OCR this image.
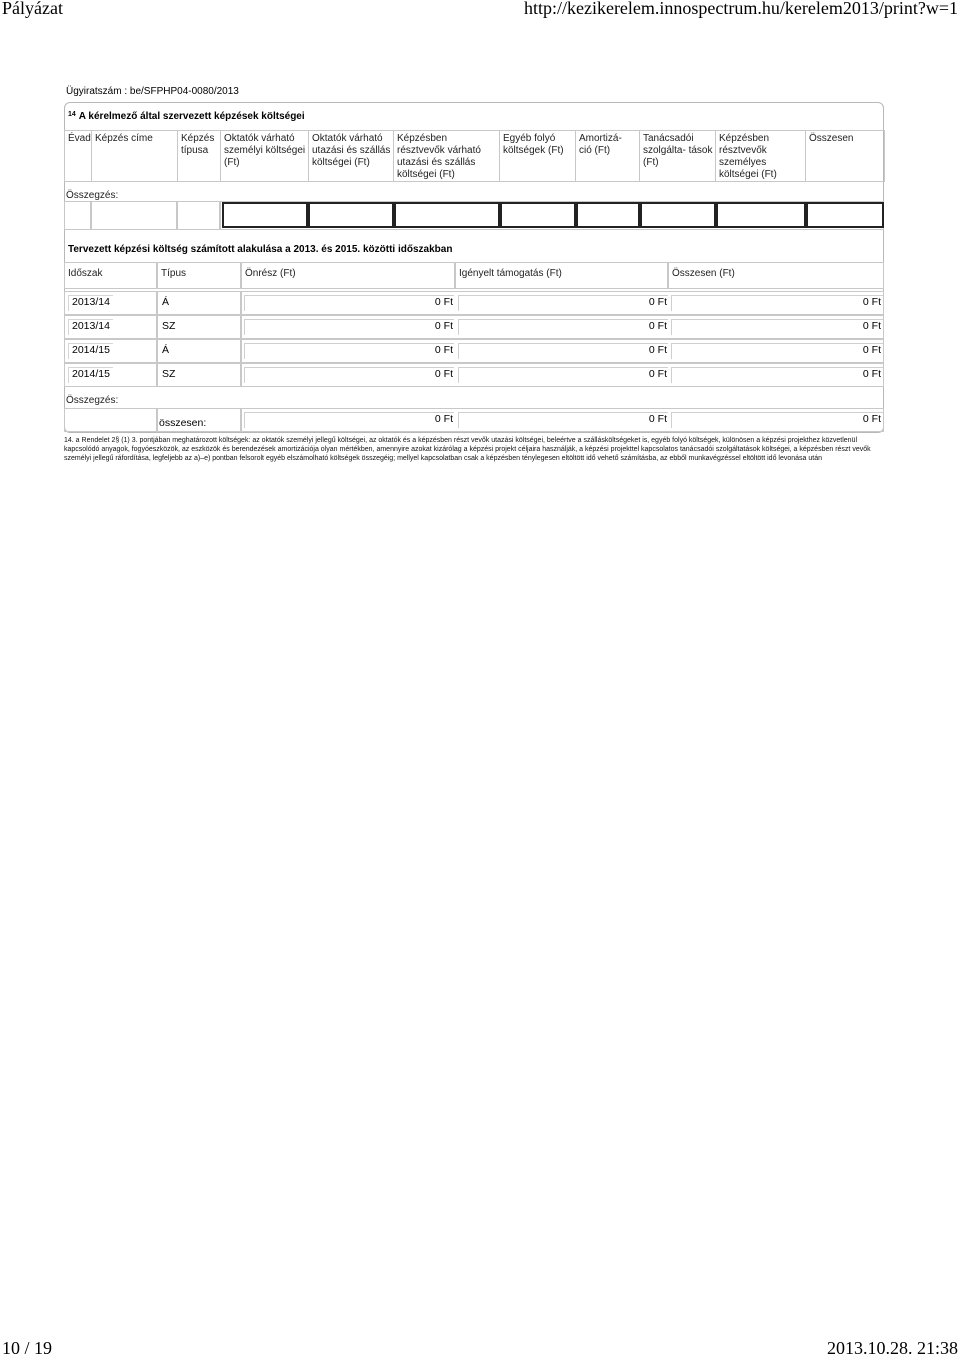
Pályázat	http://kezikerelem.innospectrum.hu/kerelem2013/print?w=1
10 / 19	2013.10.28. 21:38
Ügyiratszám : be/SFPHP04-0080/2013
$^{14}$ A kérelmező által szervezett képzések költségei
Évad	Képzés címe	Képzés típusa	Oktatók várható személyi költségei (Ft)	Oktatók várható utazási és szállás költségei (Ft)	Képzésben résztvevők várható utazási és szállás költségei (Ft)	Egyéb folyó költségek (Ft)	Amortizá- ció (Ft)	Tanácsadói szolgálta- tások (Ft)	Képzésben résztvevők személyes költségei (Ft)	Összesen
Összegzés:
Tervezett képzési költség számított alakulása a 2013. és 2015. közötti időszakban
Időszak	Típus	Önrész (Ft)	Igényelt támogatás (Ft)	Összesen (Ft)
2013/14	Á	0 Ft	0 Ft	0 Ft
2013/14	SZ	0 Ft	0 Ft	0 Ft
2014/15	Á	0 Ft	0 Ft	0 Ft
2014/15	SZ	0 Ft	0 Ft	0 Ft
Összegzés:
összesen:	0 Ft	0 Ft	0 Ft
14. a Rendelet 2§ (1) 3. pontjában meghatározott költségek: az oktatók személyi jellegű költségei, az oktatók és a képzésben részt vevők utazási költségei, beleértve a szállásköltségeket is, egyéb folyó költségek, különösen a képzési projekthez közvetlenül kapcsolódó anyagok, fogyóeszközök, az eszközök és berendezések amortizációja olyan mértékben, amennyire azokat kizárólag a képzési projekt céljaira használják, a képzési projekttel kapcsolatos tanácsadói szolgáltatások költségei, a képzésben részt vevők személyi jellegű ráfordítása, legfeljebb az a)–e) pontban felsorolt egyéb elszámolható költségek összegéig; mellyel kapcsolatban csak a képzésben ténylegesen eltöltött idő vehető számításba, az ebből munkavégzéssel eltöltött idő levonása után
